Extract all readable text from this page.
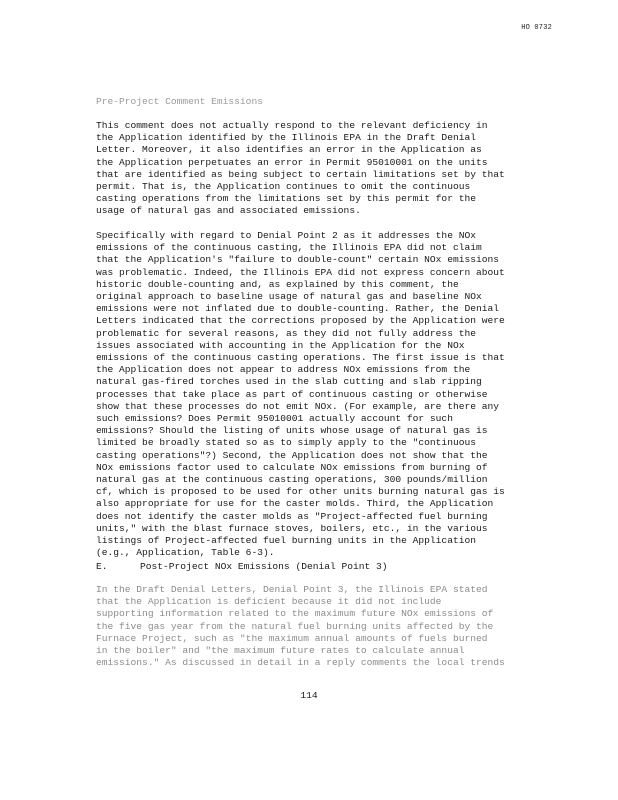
HO 0732
Pre-Project Comment Emissions
This comment does not actually respond to the relevant deficiency in
the Application identified by the Illinois EPA in the Draft Denial
Letter. Moreover, it also identifies an error in the Application as
the Application perpetuates an error in Permit 95010001 on the units
that are identified as being subject to certain limitations set by that
permit. That is, the Application continues to omit the continuous
casting operations from the limitations set by this permit for the
usage of natural gas and associated emissions.
Specifically with regard to Denial Point 2 as it addresses the NOx
emissions of the continuous casting, the Illinois EPA did not claim
that the Application's "failure to double-count" certain NOx emissions
was problematic. Indeed, the Illinois EPA did not express concern about
historic double-counting and, as explained by this comment, the
original approach to baseline usage of natural gas and baseline NOx
emissions were not inflated due to double-counting. Rather, the Denial
Letters indicated that the corrections proposed by the Application were
problematic for several reasons, as they did not fully address the
issues associated with accounting in the Application for the NOx
emissions of the continuous casting operations. The first issue is that
the Application does not appear to address NOx emissions from the
natural gas-fired torches used in the slab cutting and slab ripping
processes that take place as part of continuous casting or otherwise
show that these processes do not emit NOx. (For example, are there any
such emissions? Does Permit 95010001 actually account for such
emissions? Should the listing of units whose usage of natural gas is
limited be broadly stated so as to simply apply to the "continuous
casting operations"?) Second, the Application does not show that the
NOx emissions factor used to calculate NOx emissions from burning of
natural gas at the continuous casting operations, 300 pounds/million
cf, which is proposed to be used for other units burning natural gas is
also appropriate for use for the caster molds. Third, the Application
does not identify the caster molds as "Project-affected fuel burning
units," with the blast furnace stoves, boilers, etc., in the various
listings of Project-affected fuel burning units in the Application
(e.g., Application, Table 6-3).
E.	Post-Project NOx Emissions (Denial Point 3)
In the Draft Denial Letters, Denial Point 3, the Illinois EPA stated
that the Application is deficient because it did not include
supporting information related to the maximum future NOx emissions of
the five gas year from the natural fuel burning units affected by the
Furnace Project, such as "the maximum annual amounts of fuels burned
in the boiler" and "the maximum future rates to calculate annual
emissions." As discussed in detail in a reply comments the local trends
114
